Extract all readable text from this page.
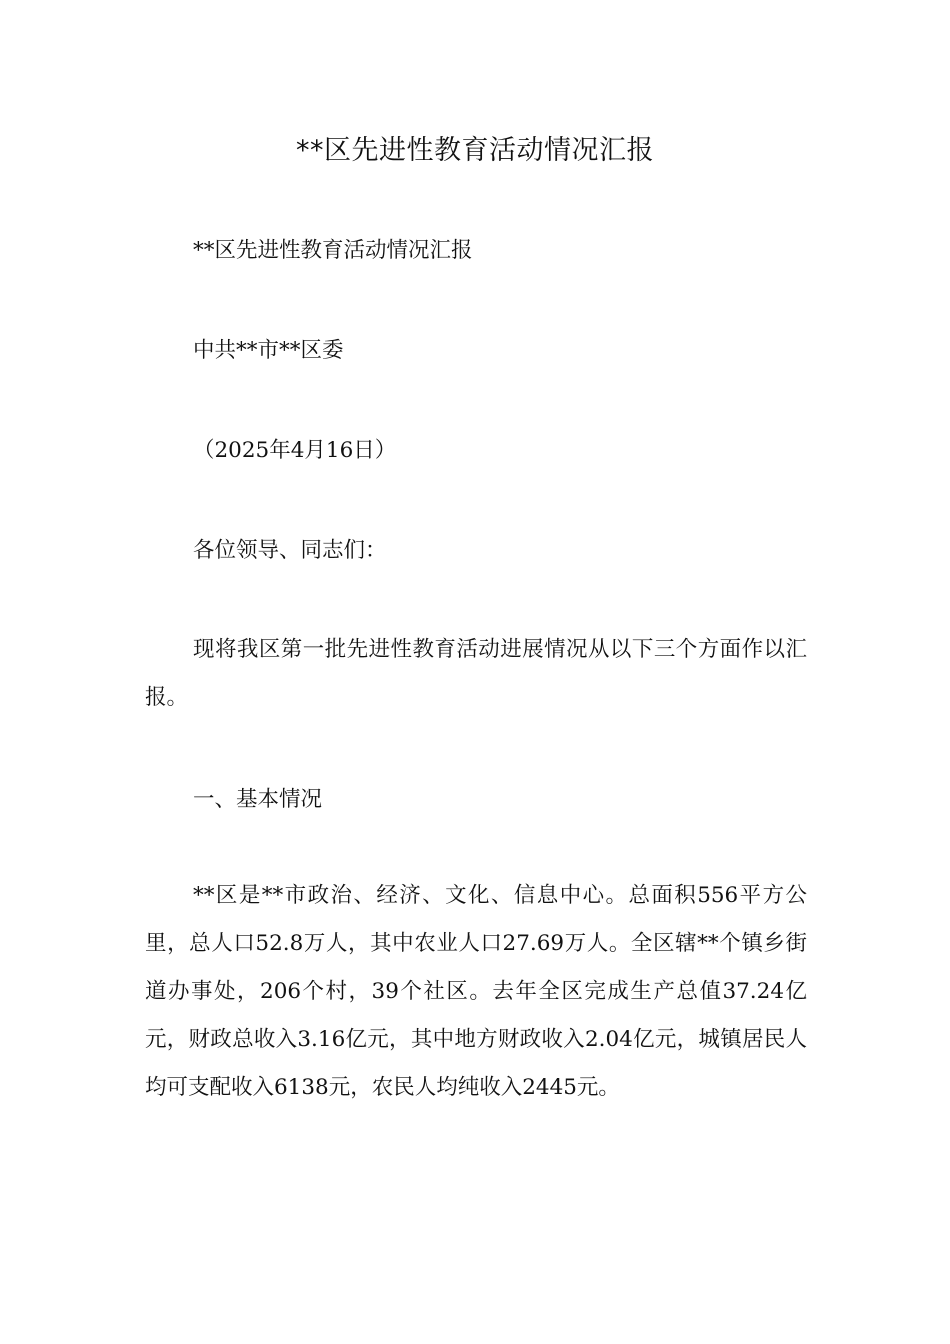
**区先进性教育活动情况汇报

**区先进性教育活动情况汇报

中共**市**区委

（2025年4月16日）

各位领导、同志们：

现将我区第一批先进性教育活动进展情况从以下三个方面作以汇报。

一、基本情况

**区是**市政治、经济、文化、信息中心。总面积556平方公里，总人口52.8万人，其中农业人口27.69万人。全区辖**个镇乡街道办事处，206个村，39个社区。去年全区完成生产总值37.24亿元，财政总收入3.16亿元，其中地方财政收入2.04亿元，城镇居民人均可支配收入6138元，农民人均纯收入2445元。
